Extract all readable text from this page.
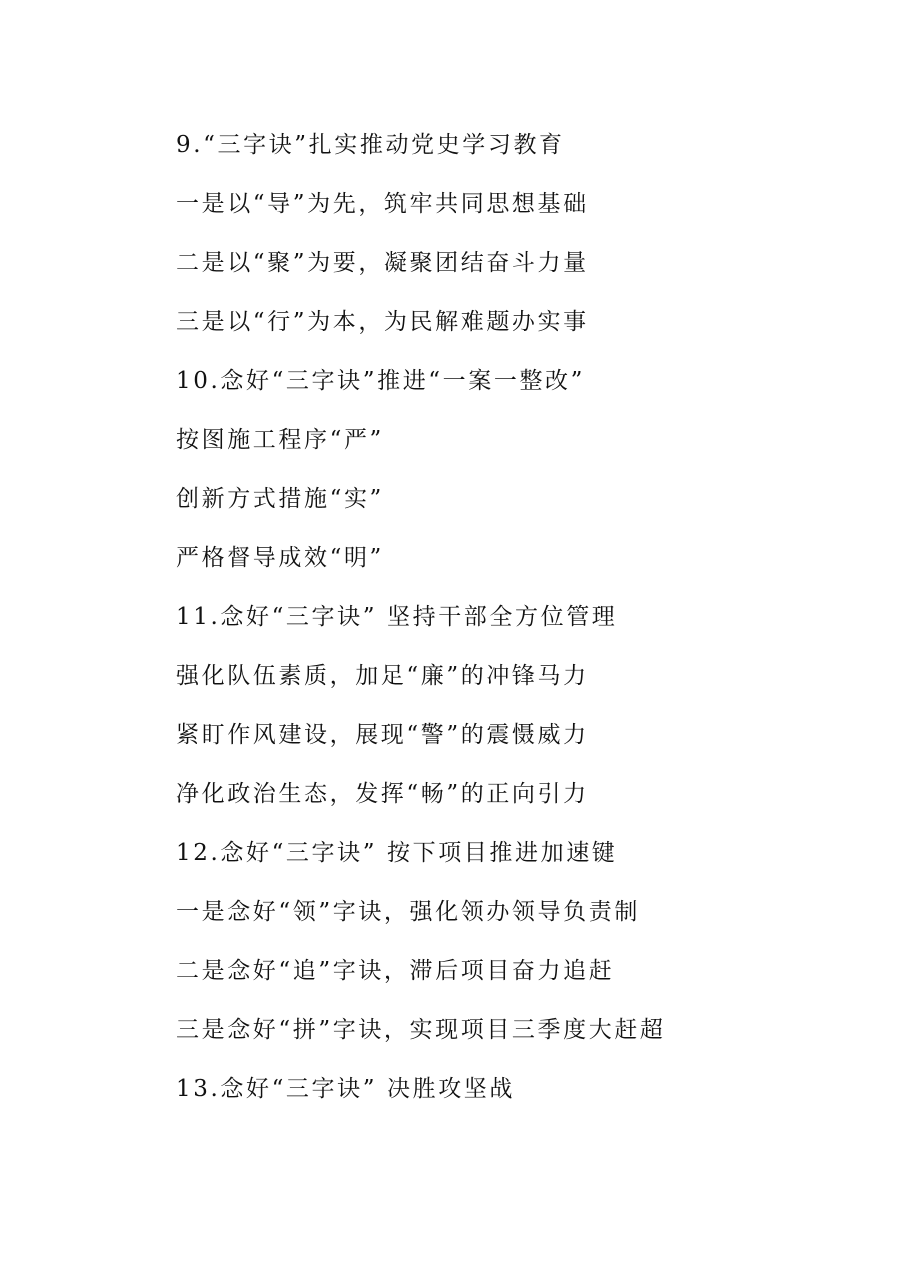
9.“三字诀”扎实推动党史学习教育
一是以“导”为先，筑牢共同思想基础
二是以“聚”为要，凝聚团结奋斗力量
三是以“行”为本，为民解难题办实事
10.念好“三字诀”推进“一案一整改”
按图施工程序“严”
创新方式措施“实”
严格督导成效“明”
11.念好“三字诀” 坚持干部全方位管理
强化队伍素质，加足“廉”的冲锋马力
紧盯作风建设，展现“警”的震慑威力
净化政治生态，发挥“畅”的正向引力
12.念好“三字诀” 按下项目推进加速键
一是念好“领”字诀，强化领办领导负责制
二是念好“追”字诀，滞后项目奋力追赶
三是念好“拼”字诀，实现项目三季度大赶超
13.念好“三字诀” 决胜攻坚战
